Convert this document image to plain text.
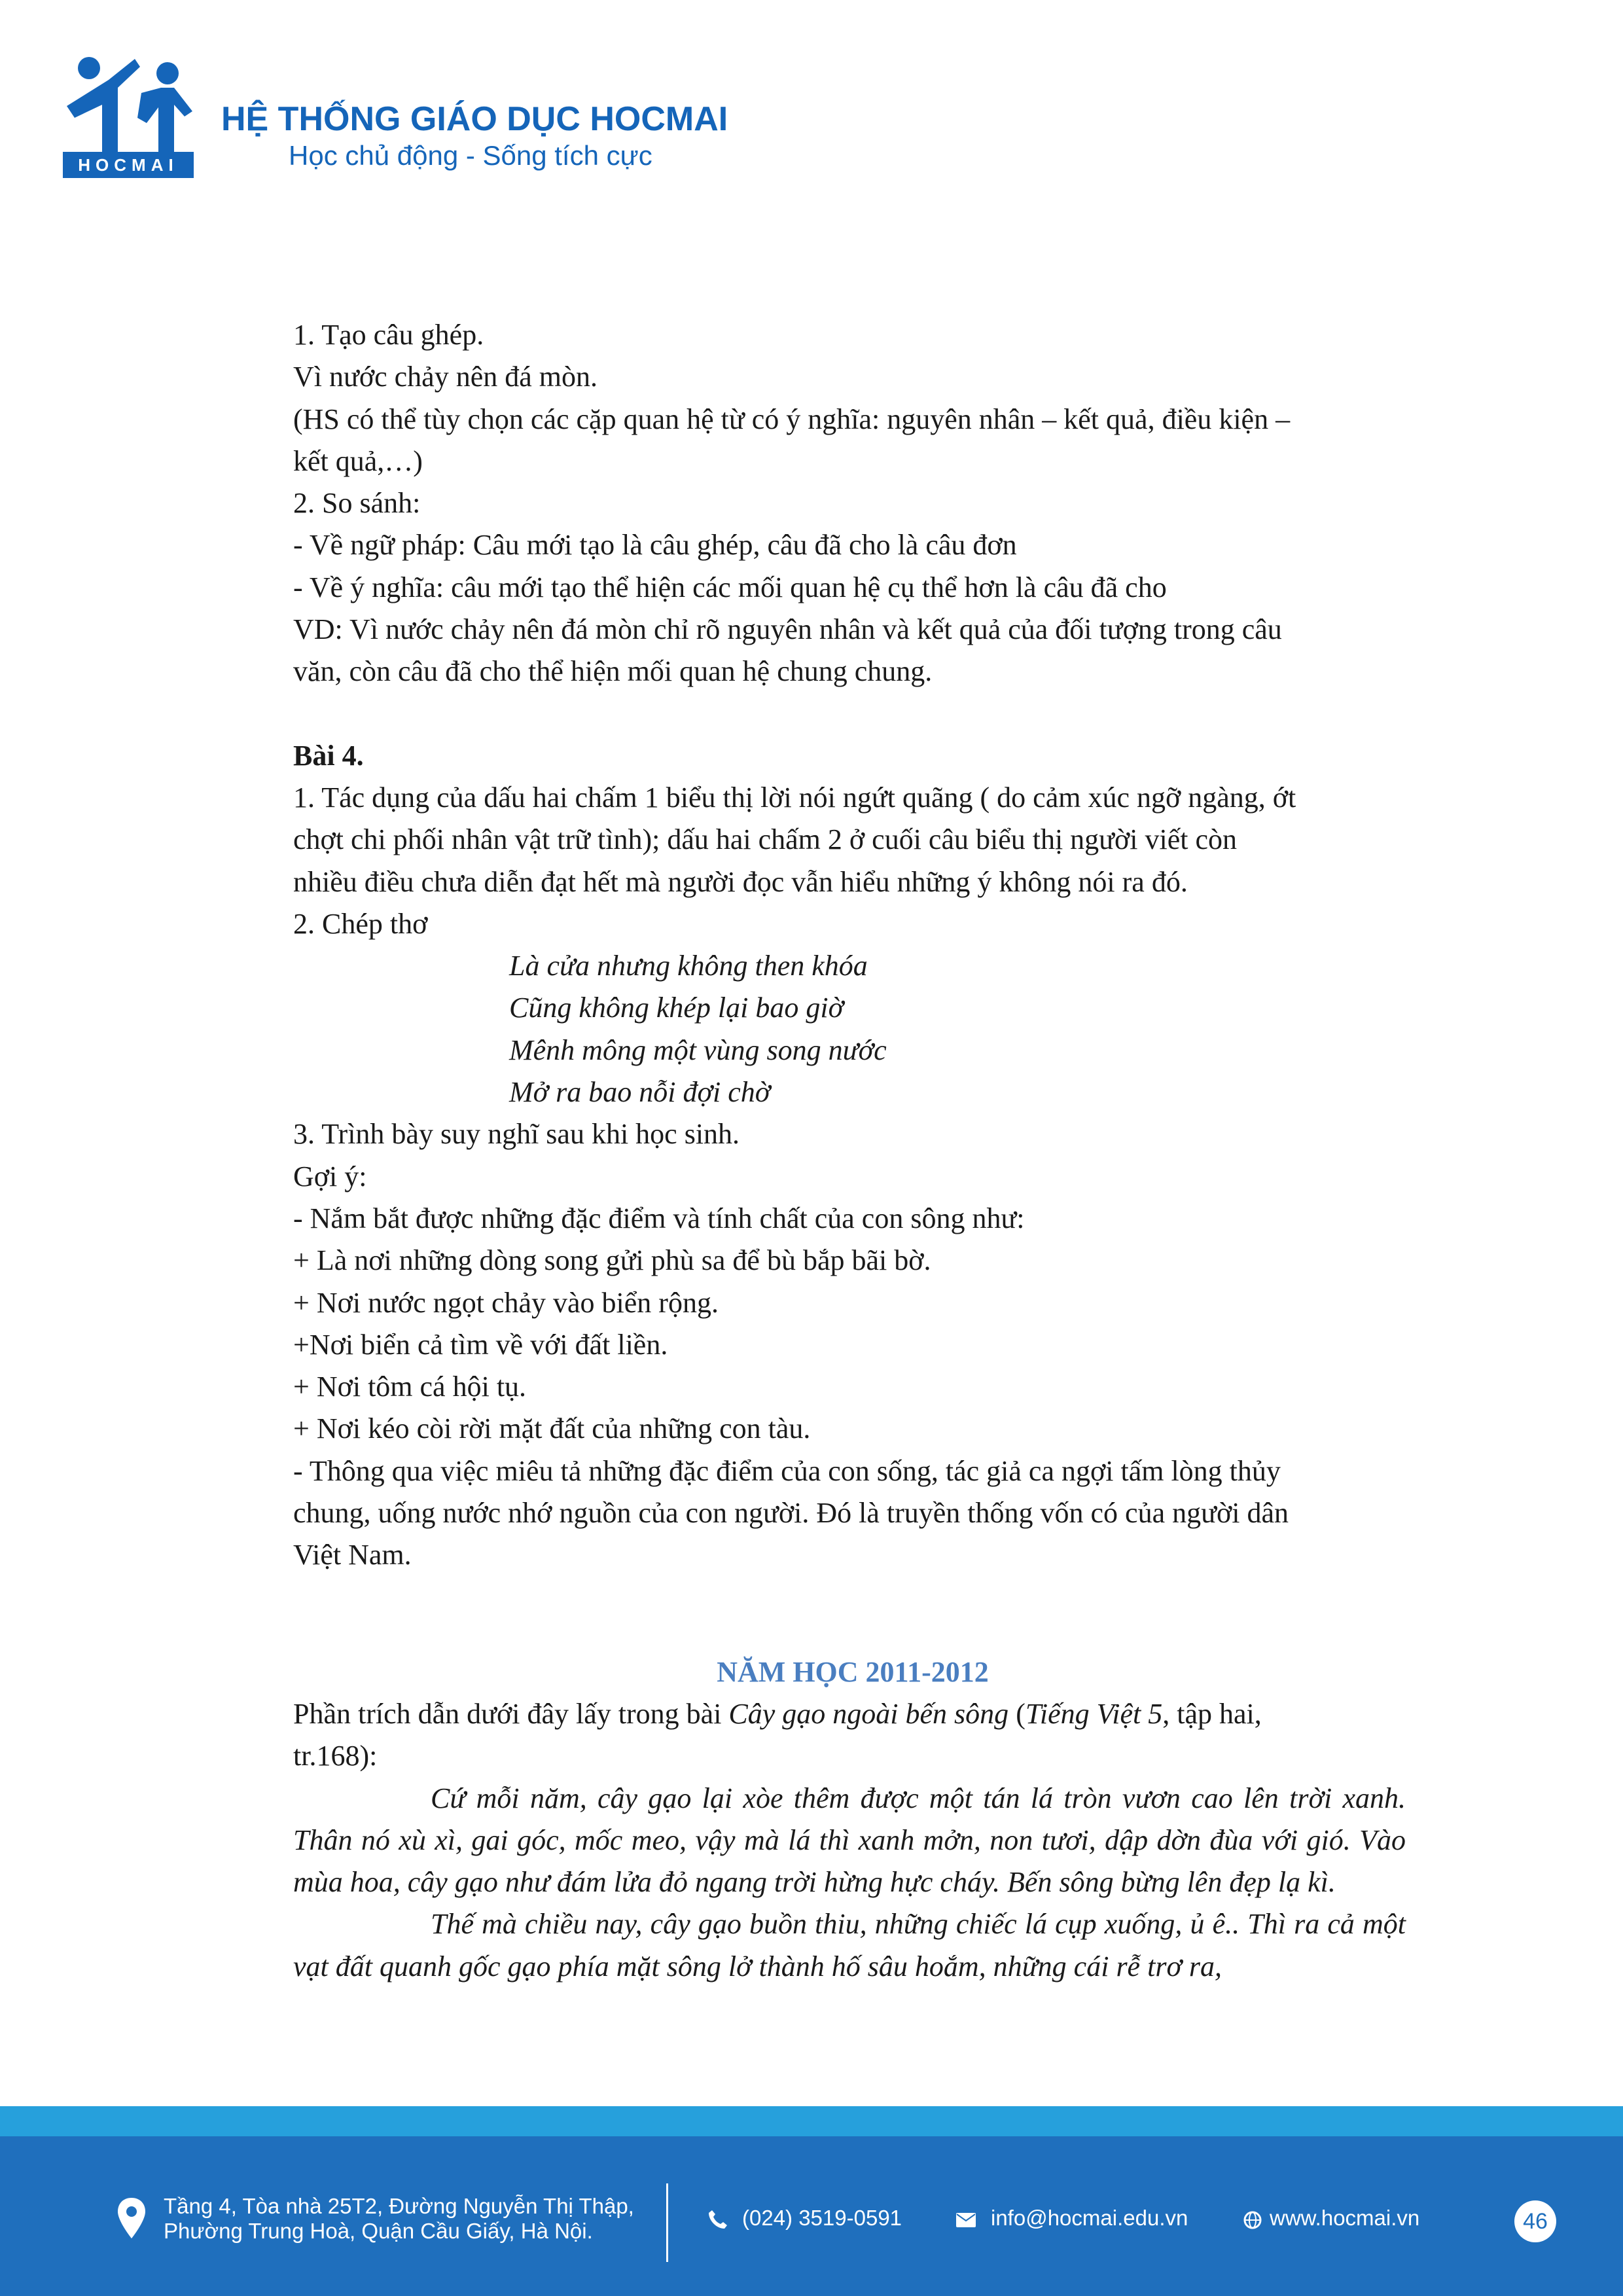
HOCMAI
HỆ THỐNG GIÁO DỤC HOCMAI
Học chủ động - Sống tích cực
1. Tạo câu ghép.
Vì nước chảy nên đá mòn.
(HS có thể tùy chọn các cặp quan hệ từ có ý nghĩa: nguyên nhân – kết quả, điều kiện –
kết quả,…)
2. So sánh:
- Về ngữ pháp: Câu mới tạo là câu ghép, câu đã cho là câu đơn
- Về ý nghĩa: câu mới tạo thể hiện các mối quan hệ cụ thể hơn là câu đã cho
VD: Vì nước chảy nên đá mòn chỉ rõ nguyên nhân và kết quả của đối tượng trong câu
văn, còn câu đã cho thể hiện mối quan hệ chung chung.
Bài 4.
1. Tác dụng của dấu hai chấm 1 biểu thị lời nói ngứt quãng ( do cảm xúc ngỡ ngàng, ớt
chợt chi phối nhân vật trữ tình); dấu hai chấm 2 ở cuối câu biểu thị người viết còn
nhiều điều chưa diễn đạt hết mà người đọc vẫn hiểu những ý không nói ra đó.
2. Chép thơ
Là cửa nhưng không then khóa
Cũng không khép lại bao giờ
Mênh mông một vùng song nước
Mở ra bao nỗi đợi chờ
3. Trình bày suy nghĩ sau khi học sinh.
Gợi ý:
- Nắm bắt được những đặc điểm và tính chất của con sông như:
+ Là nơi những dòng song gửi phù sa để bù bắp bãi bờ.
+ Nơi nước ngọt chảy vào biển rộng.
+Nơi biển cả tìm về với đất liền.
+ Nơi tôm cá hội tụ.
+ Nơi kéo còi rời mặt đất của những con tàu.
- Thông qua việc miêu tả những đặc điểm của con sống, tác giả ca ngợi tấm lòng thủy
chung, uống nước nhớ nguồn của con người. Đó là truyền thống vốn có của người dân
Việt Nam.
NĂM HỌC 2011-2012
Phần trích dẫn dưới đây lấy trong bài Cây gạo ngoài bến sông (Tiếng Việt 5, tập hai,
tr.168):
Cứ mỗi năm, cây gạo lại xòe thêm được một tán lá tròn vươn cao lên trời xanh. Thân nó xù xì, gai góc, mốc meo, vậy mà lá thì xanh mởn, non tươi, dập dờn đùa với gió. Vào mùa hoa, cây gạo như đám lửa đỏ ngang trời hừng hực cháy. Bến sông bừng lên đẹp lạ kì.
Thế mà chiều nay, cây gạo buồn thiu, những chiếc lá cụp xuống, ủ ê.. Thì ra cả một vạt đất quanh gốc gạo phía mặt sông lở thành hố sâu hoắm, những cái rễ trơ ra,
Tầng 4, Tòa nhà 25T2, Đường Nguyễn Thị Thập,
Phường Trung Hoà, Quận Cầu Giấy, Hà Nội.
(024) 3519-0591	info@hocmai.edu.vn	www.hocmai.vn	46
